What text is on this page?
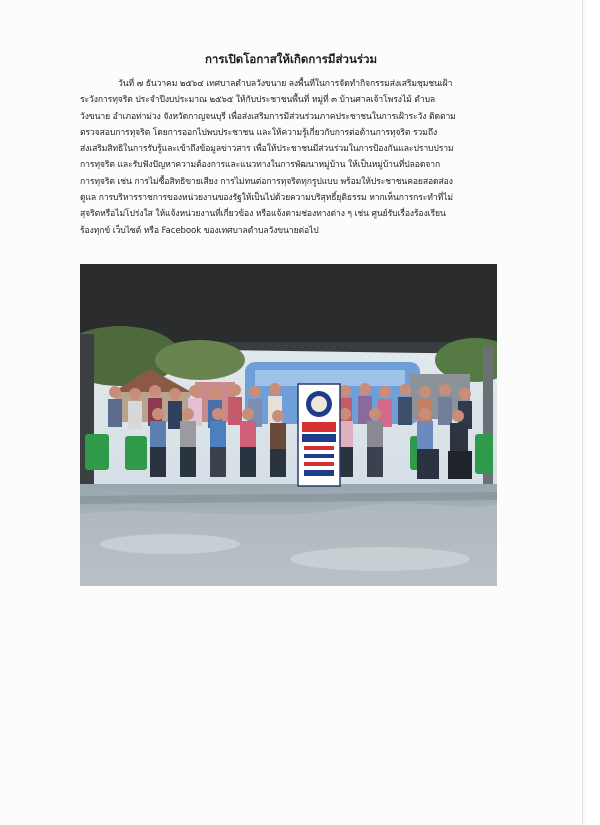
การเปิดโอกาสให้เกิดการมีส่วนร่วม
วันที่ ๗ ธันวาคม ๒๕๖๔ เทศบาลตำบลวังขนาย ลงพื้นที่ในการจัดทำกิจกรรมส่งเสริมชุมชนเฝ้า
ระวังการทุจริต ประจำปีงบประมาณ ๒๕๖๕ ให้กับประชาชนพื้นที่ หมู่ที่ ๓ บ้านศาลเจ้าโพรงไม้ ตำบล
วังขนาย อำเภอท่าม่วง จังหวัดกาญจนบุรี เพื่อส่งเสริมการมีส่วนร่วมภาคประชาชนในการเฝ้าระวัง ติดตาม
ตรวจสอบการทุจริต โดยการออกไปพบประชาชน และให้ความรู้เกี่ยวกับการต่อต้านการทุจริต รวมถึง
ส่งเสริมสิทธิในการรับรู้และเข้าถึงข้อมูลข่าวสาร เพื่อให้ประชาชนมีส่วนร่วมในการป้องกันและปราบปราม
การทุจริต และรับฟังปัญหาความต้องการและแนวทางในการพัฒนาหมู่บ้าน ให้เป็นหมู่บ้านที่ปลอดจาก
การทุจริต เช่น การไม่ซื้อสิทธิขายเสียง การไม่ทนต่อการทุจริตทุกรูปแบบ พร้อมให้ประชาชนคอยสอดส่อง
ดูแล การบริหารราชการของหน่วยงานของรัฐให้เป็นไปด้วยความบริสุทธิ์ยุติธรรม หากเห็นการกระทำที่ไม่
สุจริตหรือไม่โปร่งใส ให้แจ้งหน่วยงานที่เกี่ยวข้อง หรือแจ้งตามช่องทางต่าง ๆ เช่น ศูนย์รับเรื่องร้องเรียน
ร้องทุกข์ เว็บไซต์ หรือ Facebook ของเทศบาลตำบลวังขนายต่อไป
